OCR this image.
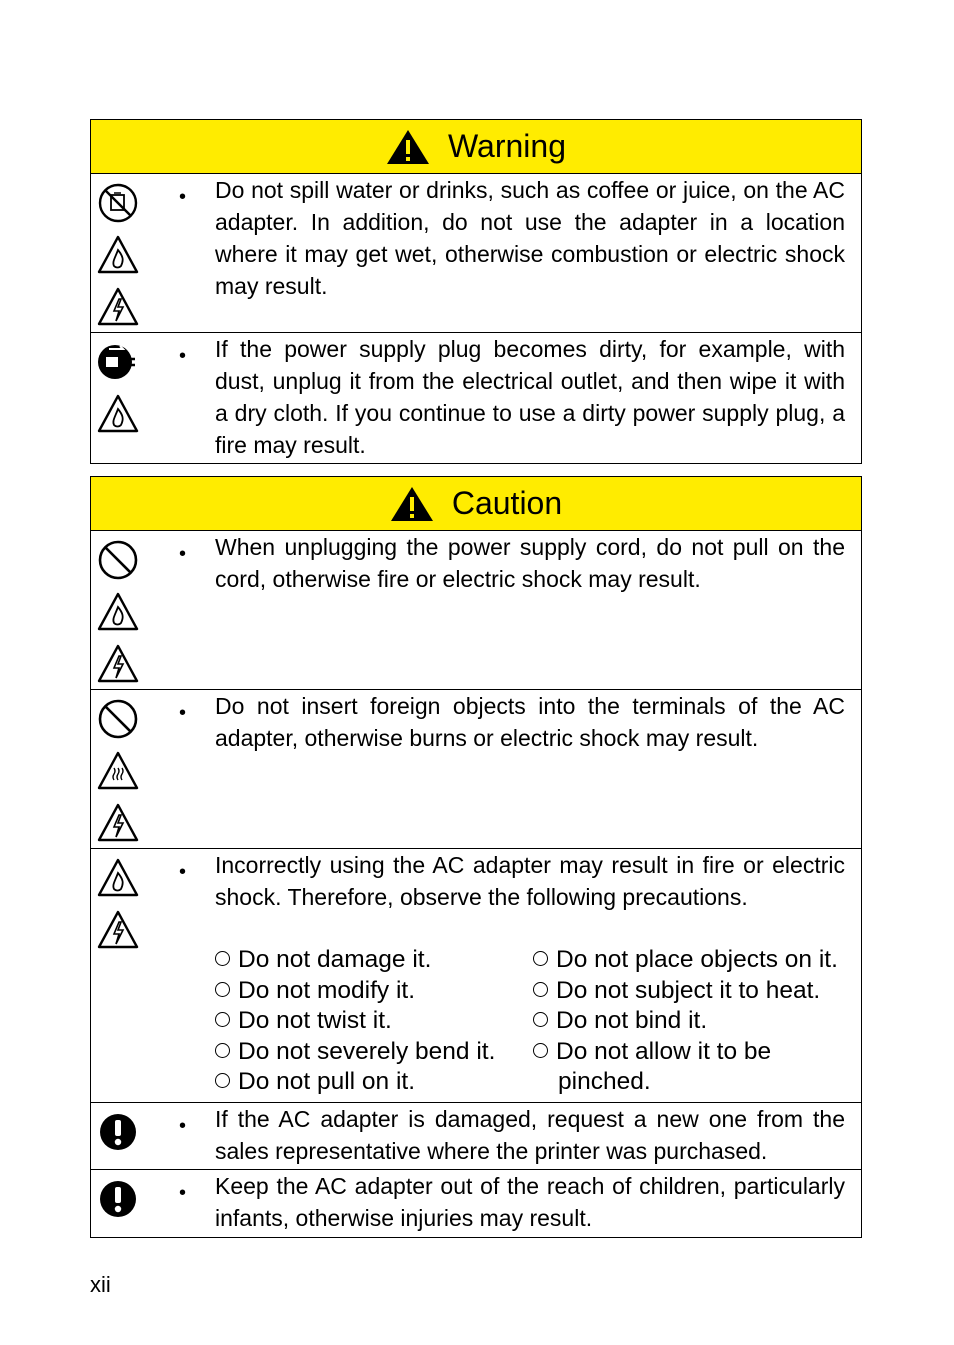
Warning
• Do not spill water or drinks, such as coffee or juice, on the AC adapter. In addition, do not use the adapter in a location where it may get wet, otherwise combustion or electric shock may result.
• If the power supply plug becomes dirty, for example, with dust, unplug it from the electrical outlet, and then wipe it with a dry cloth. If you continue to use a dirty power supply plug, a fire may result.
Caution
• When unplugging the power supply cord, do not pull on the cord, otherwise fire or electric shock may result.
• Do not insert foreign objects into the terminals of the AC adapter, otherwise burns or electric shock may result.
• Incorrectly using the AC adapter may result in fire or electric shock. Therefore, observe the following precautions.
Do not damage it.
Do not modify it.
Do not twist it.
Do not severely bend it.
Do not pull on it.
Do not place objects on it.
Do not subject it to heat.
Do not bind it.
Do not allow it to be
pinched.
• If the AC adapter is damaged, request a new one from the sales representative where the printer was purchased.
• Keep the AC adapter out of the reach of children, particularly infants, otherwise injuries may result.
xii
